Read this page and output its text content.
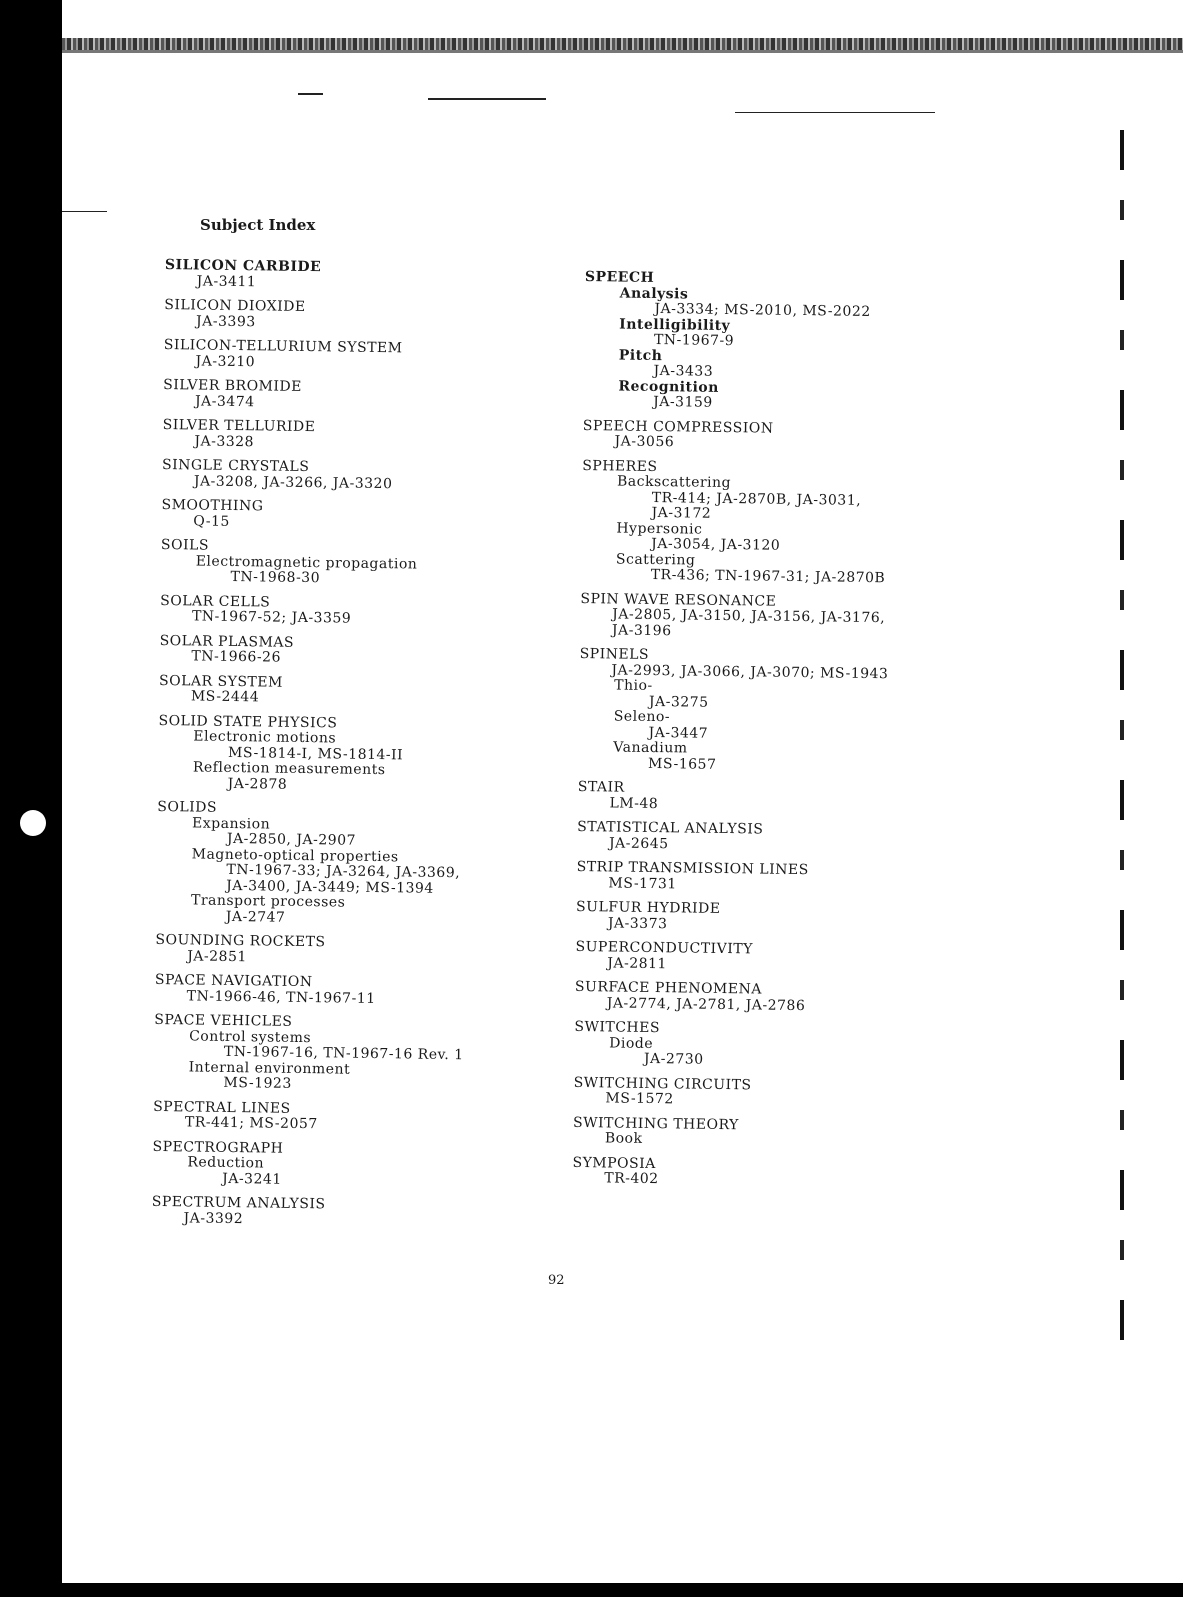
Subject Index
SILICON CARBIDE
JA-3411
SILICON DIOXIDE
JA-3393
SILICON-TELLURIUM SYSTEM
JA-3210
SILVER BROMIDE
JA-3474
SILVER TELLURIDE
JA-3328
SINGLE CRYSTALS
JA-3208, JA-3266, JA-3320
SMOOTHING
Q-15
SOILS
Electromagnetic propagation
TN-1968-30
SOLAR CELLS
TN-1967-52; JA-3359
SOLAR PLASMAS
TN-1966-26
SOLAR SYSTEM
MS-2444
SOLID STATE PHYSICS
Electronic motions
MS-1814-I, MS-1814-II
Reflection measurements
JA-2878
SOLIDS
Expansion
JA-2850, JA-2907
Magneto-optical properties
TN-1967-33; JA-3264, JA-3369,
JA-3400, JA-3449; MS-1394
Transport processes
JA-2747
SOUNDING ROCKETS
JA-2851
SPACE NAVIGATION
TN-1966-46, TN-1967-11
SPACE VEHICLES
Control systems
TN-1967-16, TN-1967-16 Rev. 1
Internal environment
MS-1923
SPECTRAL LINES
TR-441; MS-2057
SPECTROGRAPH
Reduction
JA-3241
SPECTRUM ANALYSIS
JA-3392
SPEECH
Analysis
JA-3334; MS-2010, MS-2022
Intelligibility
TN-1967-9
Pitch
JA-3433
Recognition
JA-3159
SPEECH COMPRESSION
JA-3056
SPHERES
Backscattering
TR-414; JA-2870B, JA-3031,
JA-3172
Hypersonic
JA-3054, JA-3120
Scattering
TR-436; TN-1967-31; JA-2870B
SPIN WAVE RESONANCE
JA-2805, JA-3150, JA-3156, JA-3176,
JA-3196
SPINELS
JA-2993, JA-3066, JA-3070; MS-1943
Thio-
JA-3275
Seleno-
JA-3447
Vanadium
MS-1657
STAIR
LM-48
STATISTICAL ANALYSIS
JA-2645
STRIP TRANSMISSION LINES
MS-1731
SULFUR HYDRIDE
JA-3373
SUPERCONDUCTIVITY
JA-2811
SURFACE PHENOMENA
JA-2774, JA-2781, JA-2786
SWITCHES
Diode
JA-2730
SWITCHING CIRCUITS
MS-1572
SWITCHING THEORY
Book
SYMPOSIA
TR-402
92
